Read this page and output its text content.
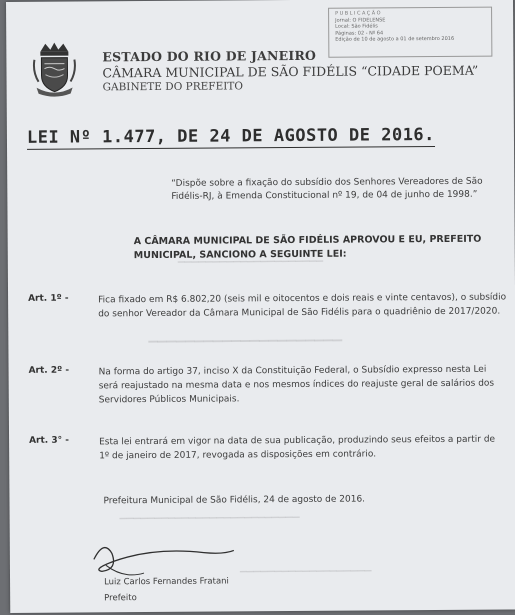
PUBLICAÇÃO
Jornal: O FIDELENSE
Local: São Fidélis
Páginas: 02 - Nº 64
Edição de 10 de agosto a 01 de setembro 2016
ESTADO DO RIO DE JANEIRO
CÂMARA MUNICIPAL DE SÃO FIDÉLIS “CIDADE POEMA”
GABINETE DO PREFEITO
LEI Nº 1.477, DE 24 DE AGOSTO DE 2016.
“Dispõe sobre a fixação do subsídio dos Senhores Vereadores de São Fidélis-RJ, à Emenda Constitucional nº 19, de 04 de junho de 1998.”
A CÂMARA MUNICIPAL DE SÃO FIDÉLIS APROVOU E EU, PREFEITO MUNICIPAL, SANCIONO A SEGUINTE LEI:
▔▔▔▔▔▔▔▔▔▔▔▔▔▔▔▔▔▔▔▔▔
▔▔▔▔▔▔▔▔▔▔▔▔▔▔▔▔▔▔▔▔▔
▔▔▔▔▔▔▔▔▔▔▔▔▔▔▔▔▔▔▔▔▔▔▔▔▔▔
▔▔▔▔▔▔▔▔▔▔▔▔▔▔▔▔▔▔▔
Art. 1º -	Fica fixado em R$ 6.802,20 (seis mil e oitocentos e dois reais e vinte centavos), o subsídio do senhor Vereador da Câmara Municipal de São Fidélis para o quadriênio de 2017/2020.
Art. 2º -	Na forma do artigo 37, inciso X da Constituição Federal, o Subsídio expresso nesta Lei será reajustado na mesma data e nos mesmos índices do reajuste geral de salários dos Servidores Públicos Municipais.
Art. 3° -	Esta lei entrará em vigor na data de sua publicação, produzindo seus efeitos a partir de 1º de janeiro de 2017, revogada as disposições em contrário.
Prefeitura Municipal de São Fidélis, 24 de agosto de 2016.
Luiz Carlos Fernandes Fratani
Prefeito
